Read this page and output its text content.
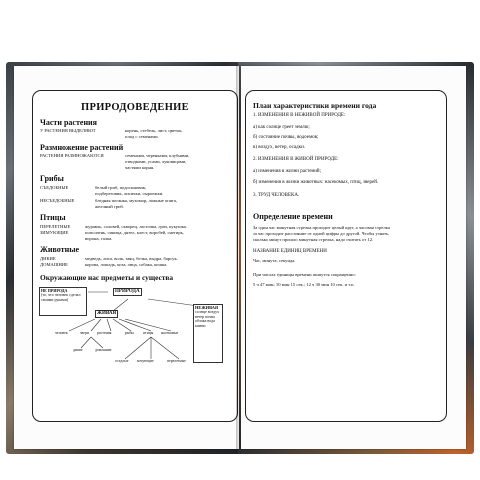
ПРИРОДОВЕДЕНИЕ
Части растения
У РАСТЕНИЯ ВЫДЕЛЯЮТ	корень, стебель, лист, цветок,
плод с семенами.
Размножение растений
РАСТЕНИЯ РАЗМНОЖАЮТСЯ	семенами, черенками, клубнями,
отводками, усами, луковицами,
частями корня.
Грибы
СЪЕДОБНЫЕ	белый гриб, подосиновик,
подберезовик, лисички, сыроежки.
НЕСЪЕДОБНЫЕ	бледная поганка, мухомор, ложные опята,
желчный гриб.
Птицы
ПЕРЕЛЕТНЫЕ	журавль, соловей, скворец, ласточка, грач, кукушка.
ЗИМУЮЩИЕ	поползень, синица, дятел, клест, воробей, снегирь,
ворона, галка.
Животные
ДИКИЕ	медведь, лиса, волк, заяц, белка, выдра, барсук.
ДОМАШНИЕ	корова, лошадь, коза, овца, собака, кошка.
Окружающие нас предметы и существа
НЕ ПРИРОДА
(то, что человек сделал своими руками)
ПРИРОДА
ЖИВАЯ
НЕЖИВАЯ
солнце воздух ветер почва облака вода камни
человек	звери растения	рыбы птицы насекомые
дикие	домашние
оседлые кочующие	перелетные
План характеристики времени года
1. ИЗМЕНЕНИЯ В НЕЖИВОЙ ПРИРОДЕ:
а) как солнце греет землю;
б) состояние почвы, водоемов;
в) воздух, ветер, осадки.
2. ИЗМЕНЕНИЯ В ЖИВОЙ ПРИРОДЕ:
а) изменения в жизни растений;
б) изменения в жизни животных: насекомых, птиц, зверей.
3. ТРУД ЧЕЛОВЕКА.
Определение времени
За один час минутная стрелка проходит целый круг, а часовая стрелка
за час проходит расстояние от одной цифры до другой. Чтобы узнать,
сколько минут прошло минутная стрелка, надо считать от 12.
НАЗВАНИЕ ЕДИНИЦ ВРЕМЕНИ
Час, минута, секунда.
При числах единицы времени пишутся сокращенно:
5 ч 47 мин; 10 мин 15 сек.; 12 ч 30 мин 10 сек. и т.п.
